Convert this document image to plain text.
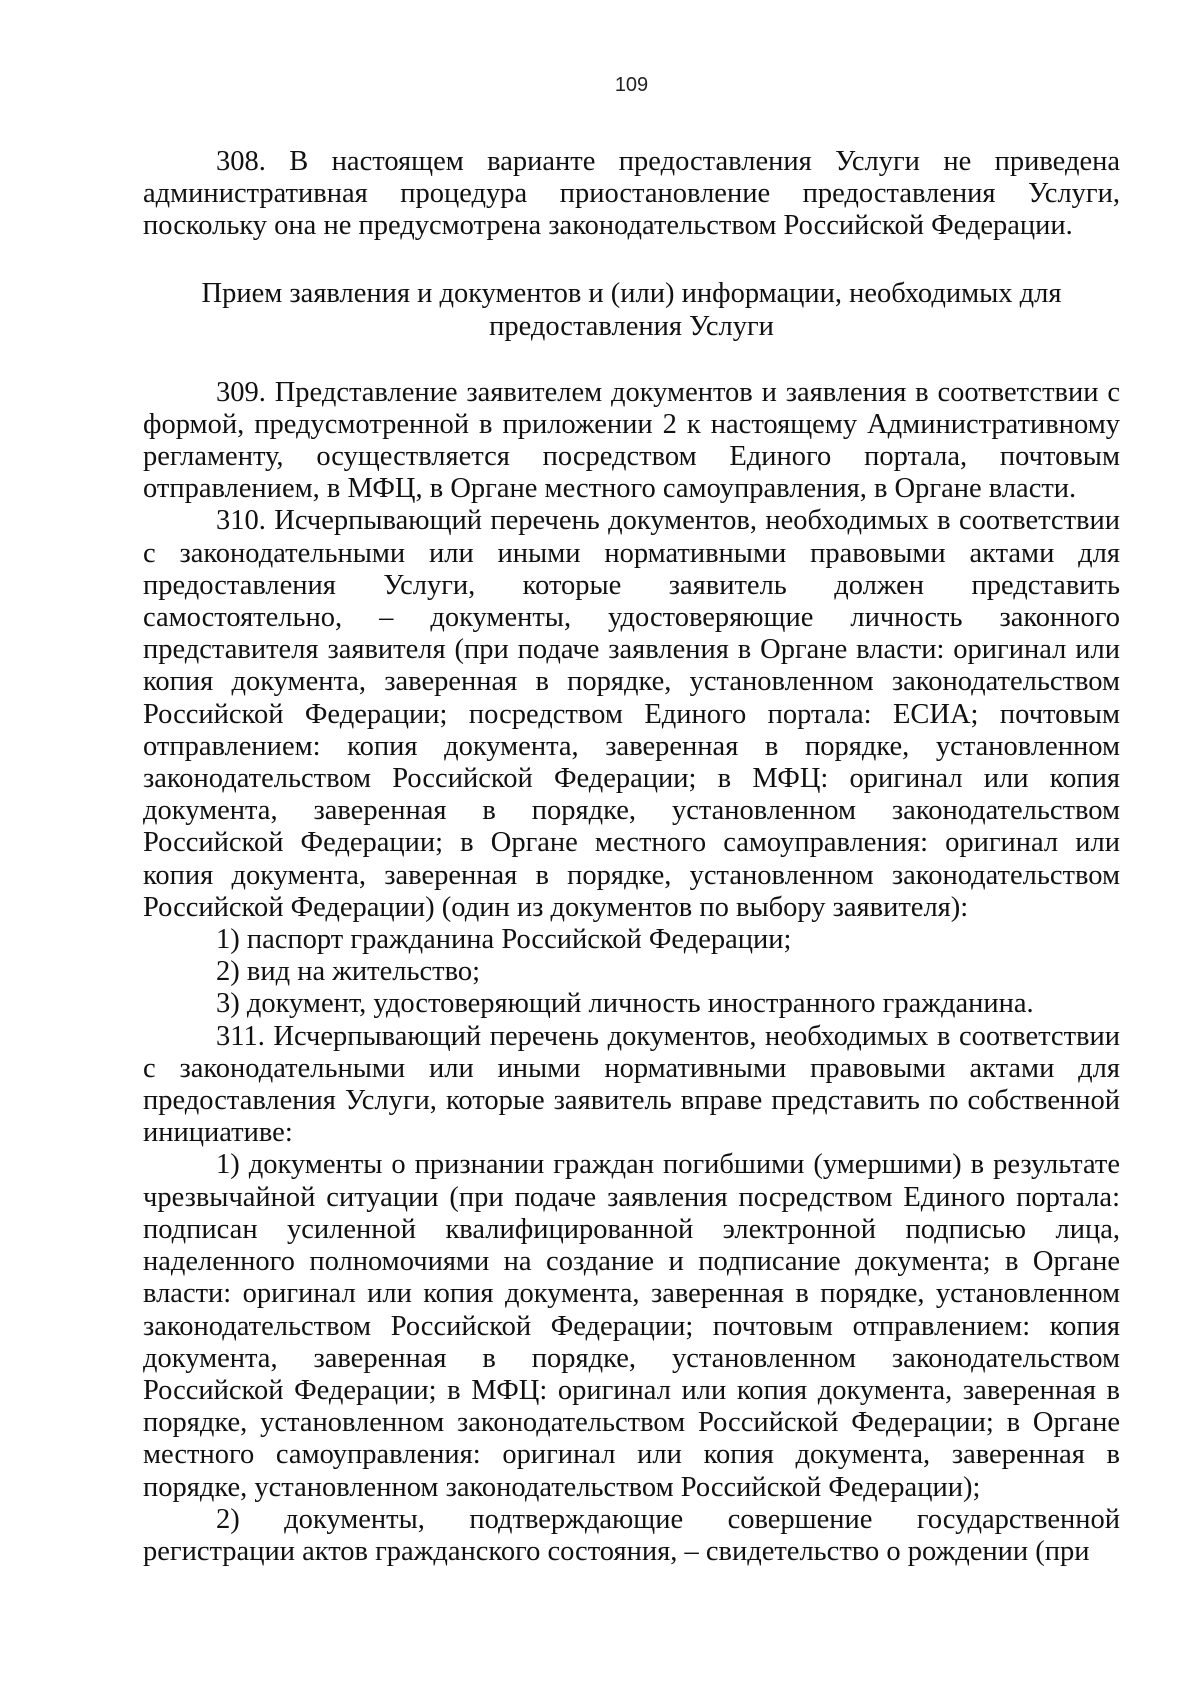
109

308. В настоящем варианте предоставления Услуги не приведена административная процедура приостановление предоставления Услуги, поскольку она не предусмотрена законодательством Российской Федерации.

Прием заявления и документов и (или) информации, необходимых для
предоставления Услуги

309. Представление заявителем документов и заявления в соответствии с формой, предусмотренной в приложении 2 к настоящему Административному регламенту, осуществляется посредством Единого портала, почтовым отправлением, в МФЦ, в Органе местного самоуправления, в Органе власти.

310. Исчерпывающий перечень документов, необходимых в соответствии с законодательными или иными нормативными правовыми актами для предоставления Услуги, которые заявитель должен представить самостоятельно, – документы, удостоверяющие личность законного представителя заявителя (при подаче заявления в Органе власти: оригинал или копия документа, заверенная в порядке, установленном законодательством Российской Федерации; посредством Единого портала: ЕСИА; почтовым отправлением: копия документа, заверенная в порядке, установленном законодательством Российской Федерации; в МФЦ: оригинал или копия документа, заверенная в порядке, установленном законодательством Российской Федерации; в Органе местного самоуправления: оригинал или копия документа, заверенная в порядке, установленном законодательством Российской Федерации) (один из документов по выбору заявителя):

1) паспорт гражданина Российской Федерации;

2) вид на жительство;

3) документ, удостоверяющий личность иностранного гражданина.

311. Исчерпывающий перечень документов, необходимых в соответствии с законодательными или иными нормативными правовыми актами для предоставления Услуги, которые заявитель вправе представить по собственной инициативе:

1) документы о признании граждан погибшими (умершими) в результате чрезвычайной ситуации (при подаче заявления посредством Единого портала: подписан усиленной квалифицированной электронной подписью лица, наделенного полномочиями на создание и подписание документа; в Органе власти: оригинал или копия документа, заверенная в порядке, установленном законодательством Российской Федерации; почтовым отправлением: копия документа, заверенная в порядке, установленном законодательством Российской Федерации; в МФЦ: оригинал или копия документа, заверенная в порядке, установленном законодательством Российской Федерации; в Органе местного самоуправления: оригинал или копия документа, заверенная в порядке, установленном законодательством Российской Федерации);

2) документы, подтверждающие совершение государственной регистрации актов гражданского состояния, – свидетельство о рождении (при
